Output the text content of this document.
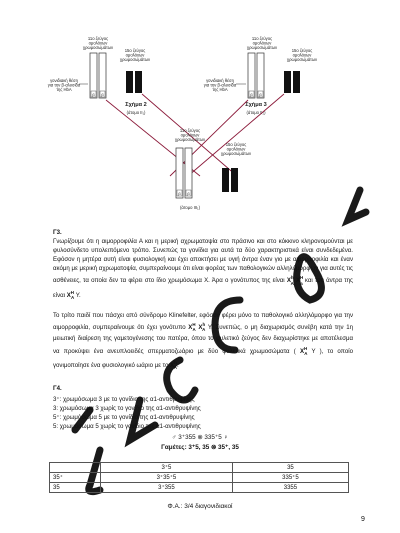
11ο ζεύγος ομολόγων χρωμοσωμάτων
15ο ζεύγος ομολόγων χρωμοσωμάτων
γονιδιακή θέση για την β-αλυσίδα της HbA
β β
Σχήμα 2
(άτομο II₁)
11ο ζεύγος ομολόγων χρωμοσωμάτων
15ο ζεύγος ομολόγων χρωμοσωμάτων
γονιδιακή θέση για την β-αλυσίδα της HbA
β β
Σχήμα 3
(άτομο II₂)
11ο ζεύγος ομολόγων χρωμοσωμάτων
15ο ζεύγος ομολόγων χρωμοσωμάτων
β β
(άτομο III₁)
Γ3.
Γνωρίζουμε ότι η αιμορροφιλία Α και η μερική αχρωματοψία στο πράσινο και στο κόκκινο κληρονομούνται με φυλοσύνδετο υπολειπόμενο τρόπο. Συνεπώς τα γονίδια για αυτά τα δύο χαρακτηριστικά είναι συνδεδεμένα. Εφόσον η μητέρα αυτή είναι φυσιολογική και έχει αποκτήσει με υγιή άντρα έναν γιο με αιμορροφιλία και έναν ακόμη με μερική αχρωματοψία, συμπεραίνουμε ότι είναι φορέας των παθολογικών αλληλόμορφων για αυτές τις ασθένειες, τα οποία δεν τα φέρει στο ίδιο χρωμόσωμα Χ. Άρα ο γονότυπος της είναι $X^h_A$ $X^H_a$ και του άντρα της είναι $X^H_A$ Y.
Το τρίτο παιδί που πάσχει από σύνδρομο Klinefelter, εφόσον φέρει μόνο το παθολογικό αλληλόμορφο για την αιμορροφιλία, συμπεραίνουμε ότι έχει γονότυπο $X^H_A$ $X^h_A$ Y. Συνεπώς, ο μη διαχωρισμός συνέβη κατά την 1η μειωτική διαίρεση της γαμετογένεσης του πατέρα, όπου το φυλετικό ζεύγος δεν διαχωρίστηκε με αποτέλεσμα να προκύψει ένα ανευπλοειδές σπερματοζωάριο με δύο φυλετικά χρωμοσώματα ( $X^H_A$ Y ), το οποίο γονιμοποίησε ένα φυσιολογικό ωάριο με το $X^h_A$.
Γ4.
3⁺: χρωμόσωμα 3 με το γονίδιο της α1-αντιθρυψίνης
3: χρωμόσωμα 3 χωρίς το γονίδιο της α1-αντιθρυψίνης
5⁺: χρωμόσωμα 5 με το γονίδιο της α1-αντιθρυψίνης
5: χρωμόσωμα 5 χωρίς το γονίδιο της α1-αντιθρυψίνης
♂ 3⁺355 ⊗ 335⁺5 ♀
Γαμέτες: 3⁺5, 35 ⊗ 35⁺, 35
	3⁺5	35
35⁺	3⁺35⁺5	335⁺5
35	3⁺355	3355
Φ.Α.: 3/4 διαγονιδιακοί
9
